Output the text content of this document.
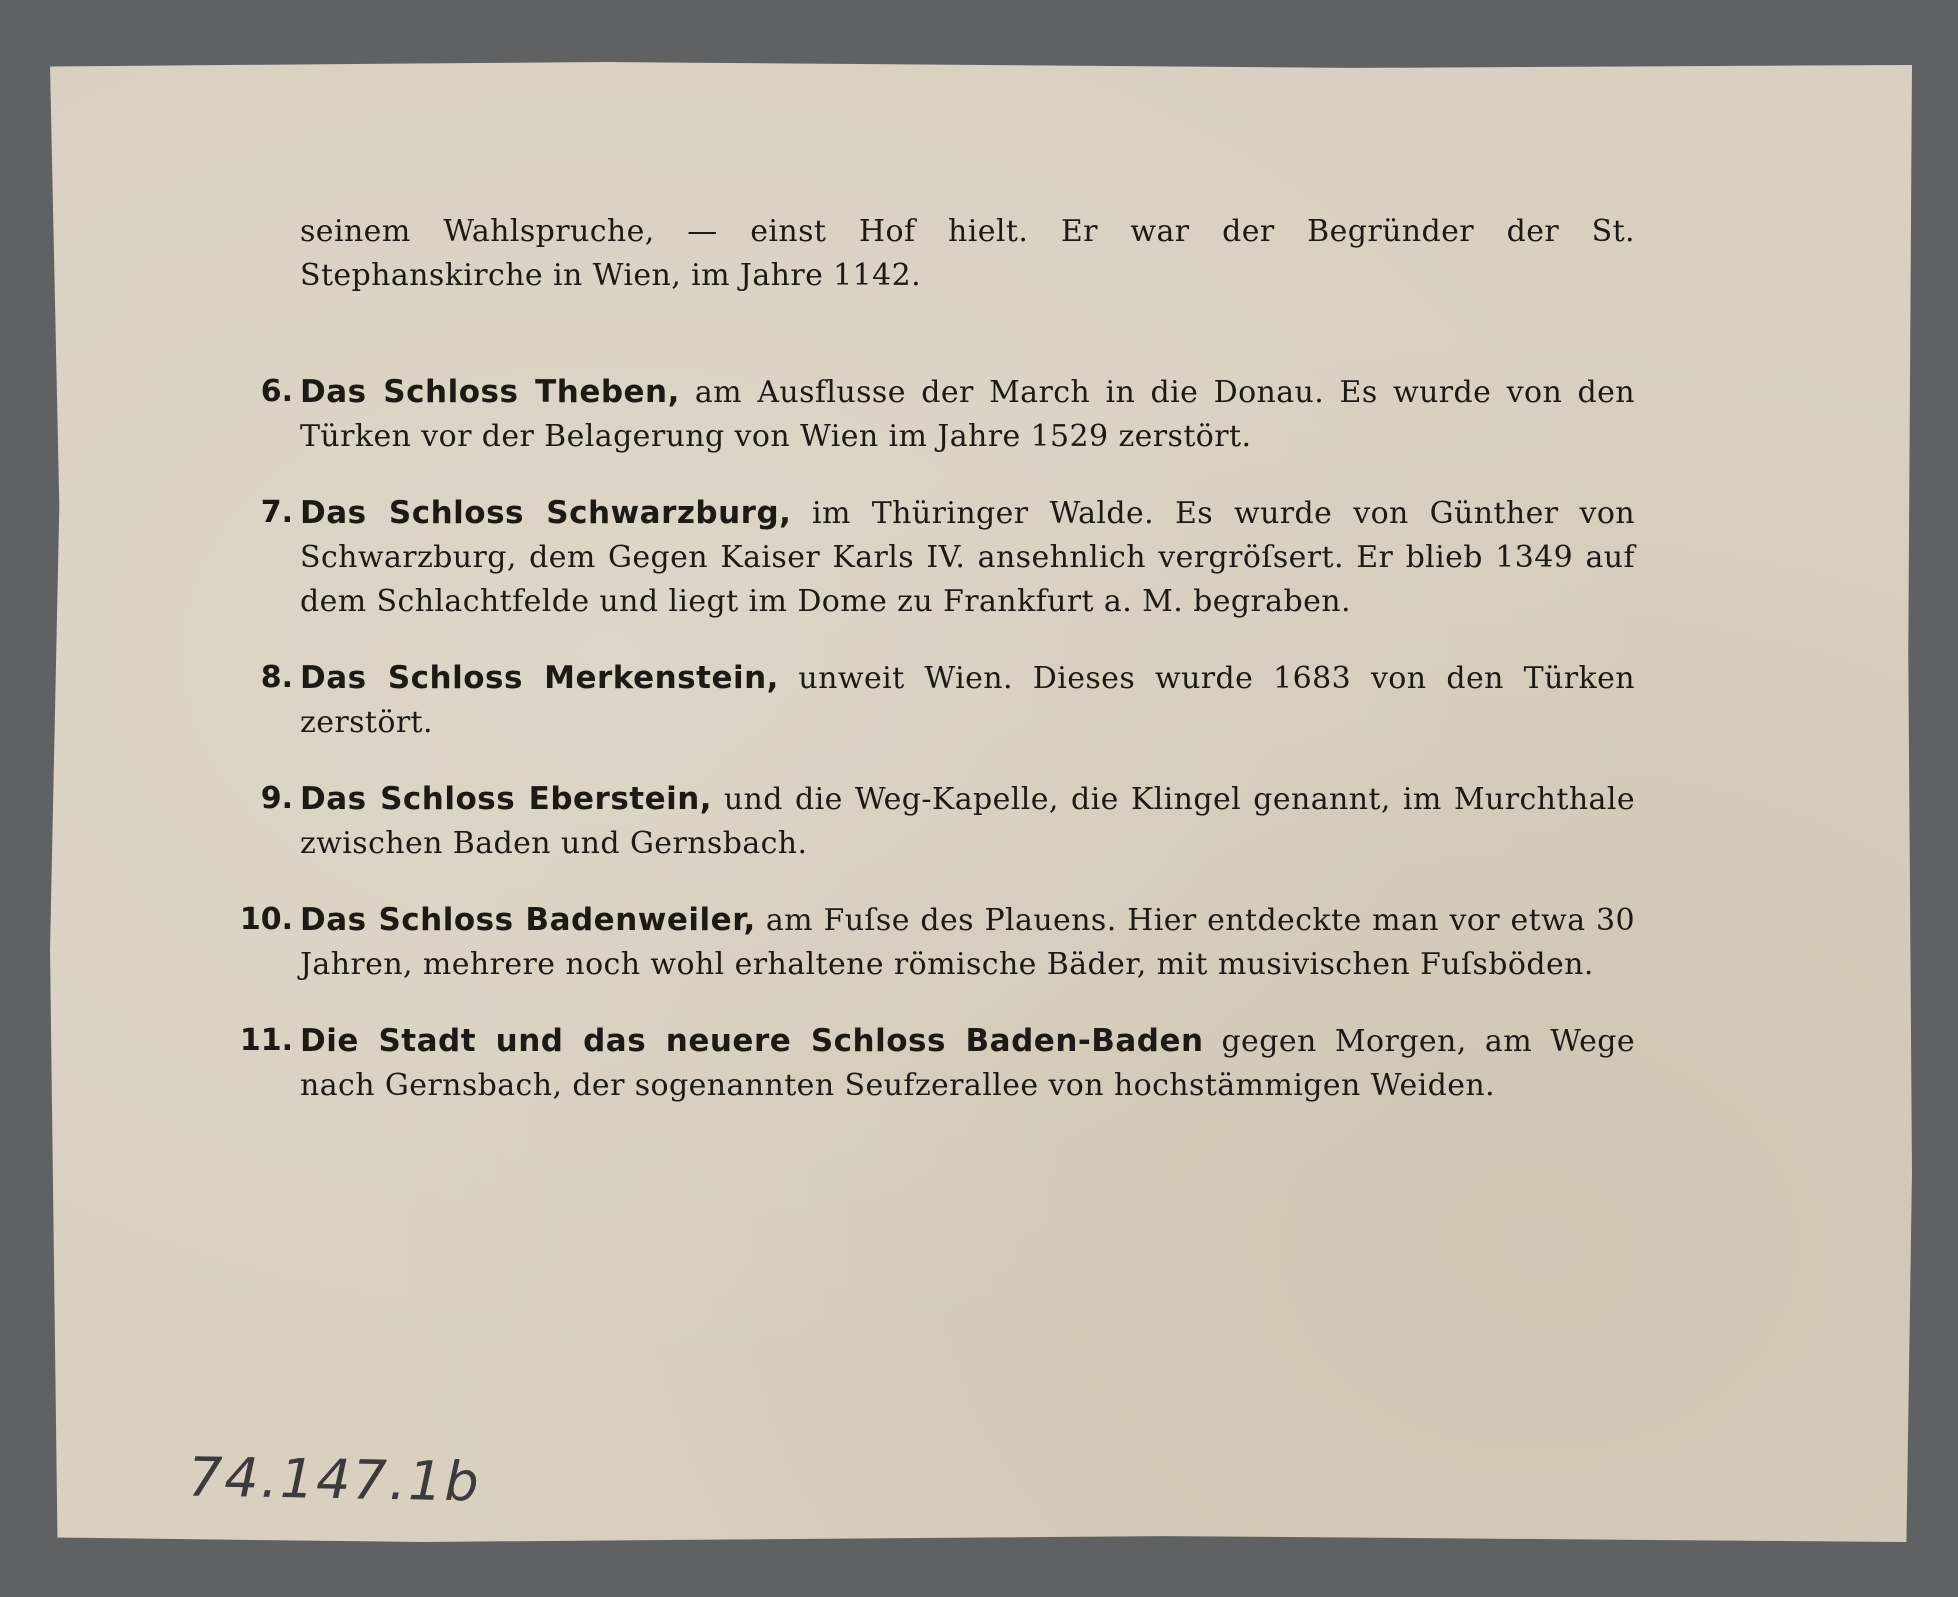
seinem Wahlspruche, — einst Hof hielt. Er war der Begründer der St. Stephanskirche in Wien, im Jahre 1142.

6. Das Schloss Theben, am Ausflusse der March in die Donau. Es wurde von den Türken vor der Belagerung von Wien im Jahre 1529 zerstört.

7. Das Schloss Schwarzburg, im Thüringer Walde. Es wurde von Günther von Schwarzburg, dem Gegen Kaiser Karls IV. ansehnlich vergröſsert. Er blieb 1349 auf dem Schlachtfelde und liegt im Dome zu Frankfurt a. M. begraben.

8. Das Schloss Merkenstein, unweit Wien. Dieses wurde 1683 von den Türken zerstört.

9. Das Schloss Eberstein, und die Weg-Kapelle, die Klingel genannt, im Murchthale zwischen Baden und Gernsbach.

10. Das Schloss Badenweiler, am Fuſse des Plauens. Hier entdeckte man vor etwa 30 Jahren, mehrere noch wohl erhaltene römische Bäder, mit musivischen Fuſsböden.

11. Die Stadt und das neuere Schloss Baden-Baden gegen Morgen, am Wege nach Gernsbach, der sogenannten Seufzerallee von hochstämmigen Weiden.

74.147.1b
